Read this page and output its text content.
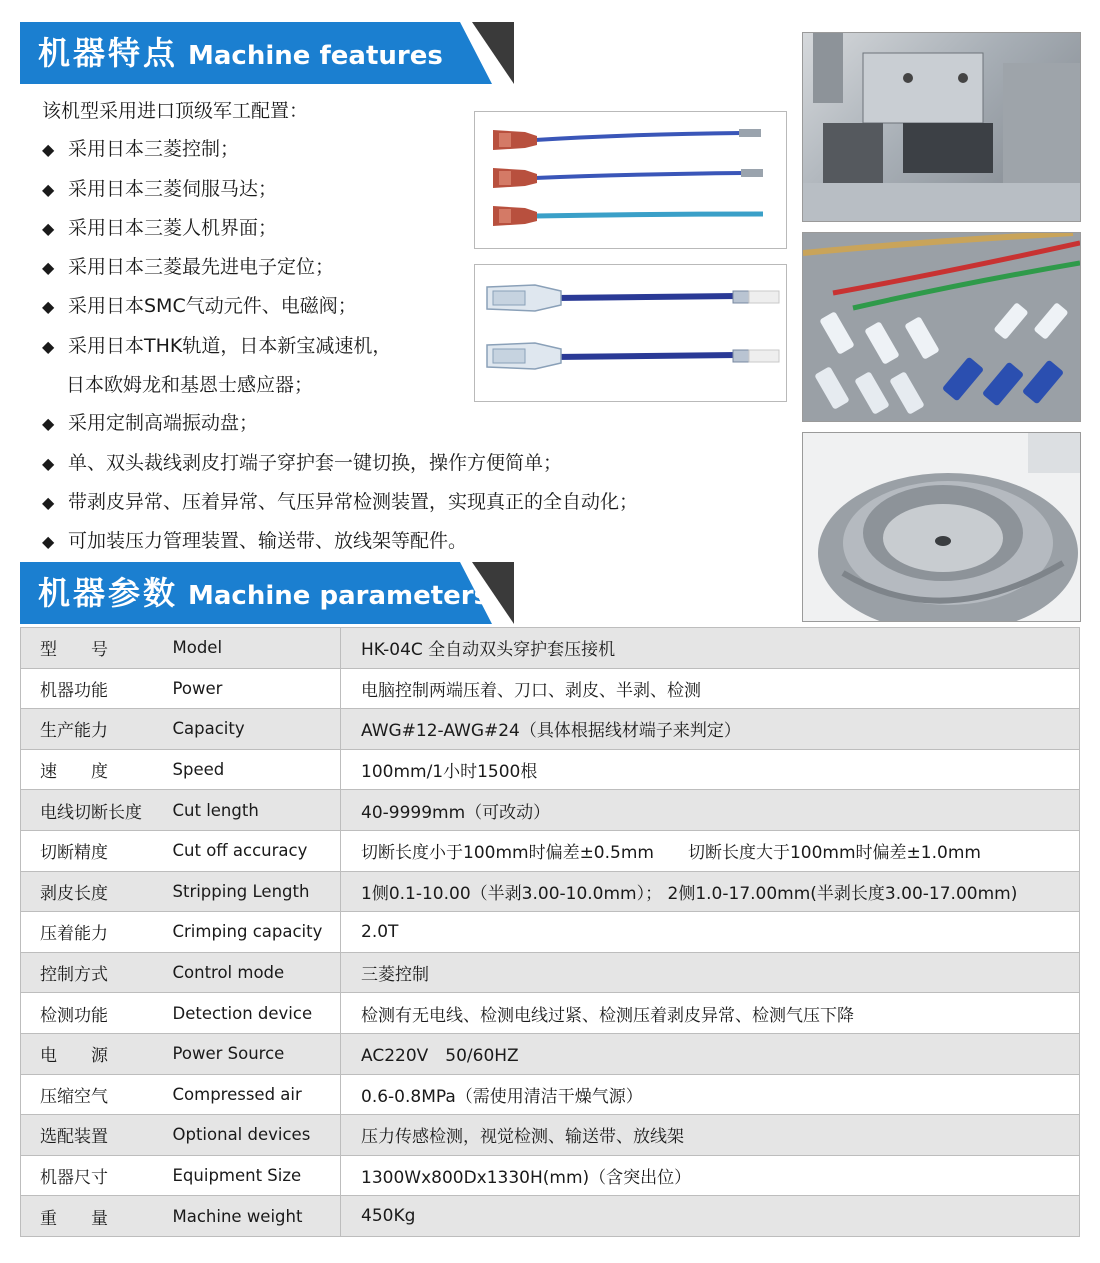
机器特点 Machine features
该机型采用进口顶级军工配置：
◆ 采用日本三菱控制；
◆ 采用日本三菱伺服马达；
◆ 采用日本三菱人机界面；
◆ 采用日本三菱最先进电子定位；
◆ 采用日本SMC气动元件、电磁阀；
◆ 采用日本THK轨道，日本新宝减速机，
日本欧姆龙和基恩士感应器；
◆ 采用定制高端振动盘；
◆ 单、双头裁线剥皮打端子穿护套一键切换，操作方便简单；
◆ 带剥皮异常、压着异常、气压异常检测装置，实现真正的全自动化；
◆ 可加装压力管理装置、输送带、放线架等配件。
机器参数 Machine parameters
型　　号	Model	HK-04C 全自动双头穿护套压接机
机器功能	Power	电脑控制两端压着、刀口、剥皮、半剥、检测
生产能力	Capacity	AWG#12-AWG#24（具体根据线材端子来判定）
速　　度	Speed	100mm/1小时1500根
电线切断长度	Cut length	40-9999mm（可改动）
切断精度	Cut off accuracy	切断长度小于100mm时偏差±0.5mm　　切断长度大于100mm时偏差±1.0mm
剥皮长度	Stripping Length	1侧0.1-10.00（半剥3.00-10.0mm）； 2侧1.0-17.00mm(半剥长度3.00-17.00mm)
压着能力	Crimping capacity	2.0T
控制方式	Control mode	三菱控制
检测功能	Detection device	检测有无电线、检测电线过紧、检测压着剥皮异常、检测气压下降
电　　源	Power Source	AC220V　50/60HZ
压缩空气	Compressed air	0.6-0.8MPa（需使用清洁干燥气源）
选配装置	Optional devices	压力传感检测，视觉检测、输送带、放线架
机器尺寸	Equipment Size	1300Wx800Dx1330H(mm)（含突出位）
重　　量	Machine weight	450Kg
